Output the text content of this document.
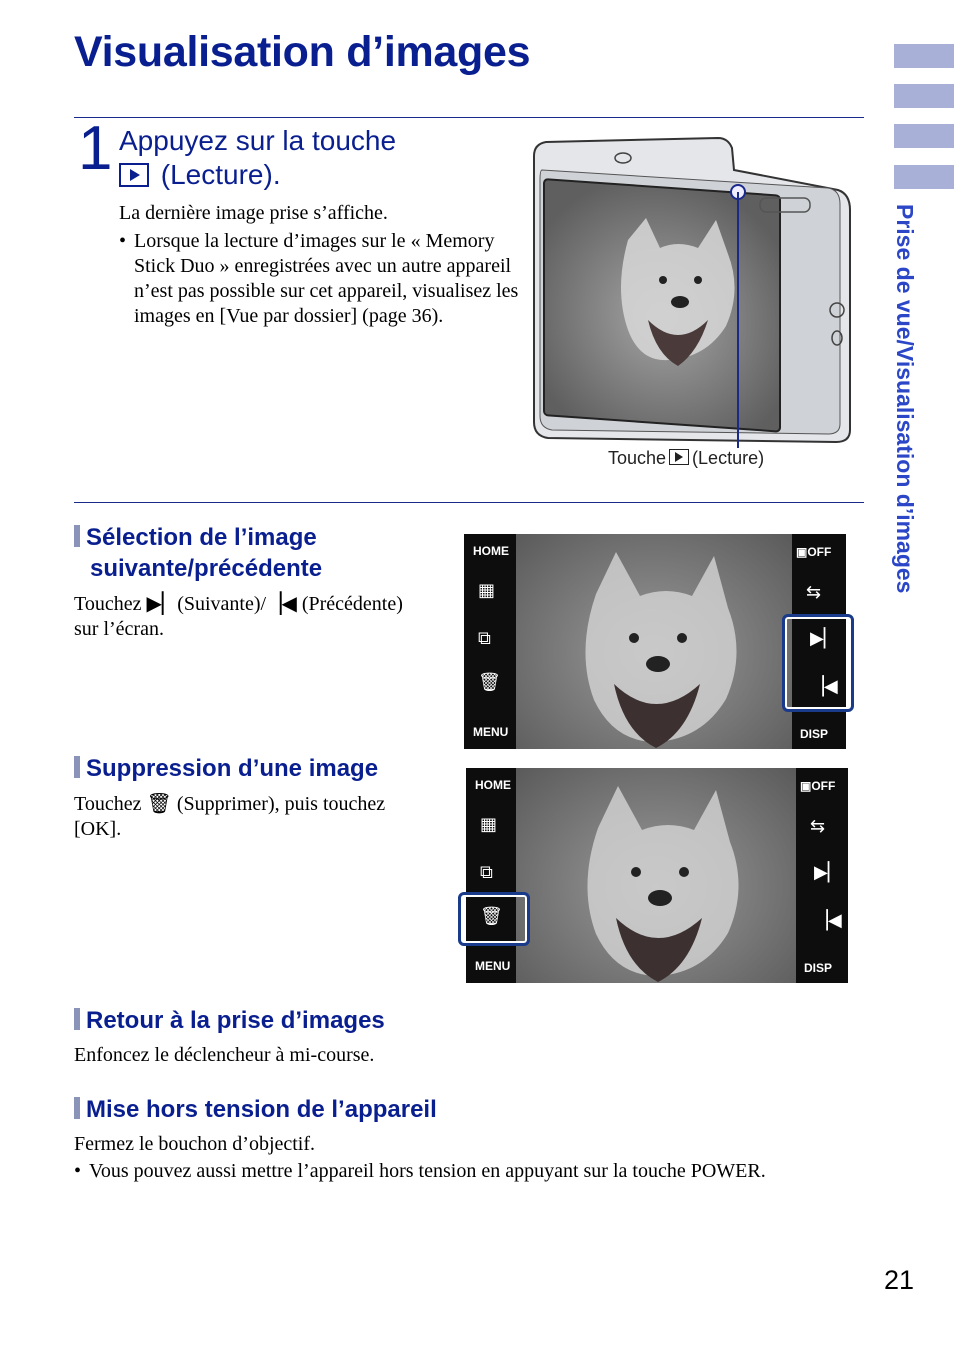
Visualisation d’images
Prise de vue/Visualisation d’images
1 Appuyez sur la touche
(Lecture).
La dernière image prise s’affiche.
• Lorsque la lecture d’images sur le « Memory Stick Duo » enregistrées avec un autre appareil n’est pas possible sur cet appareil, visualisez les images en [Vue par dossier] (page 36).
Touche (Lecture)
Sélection de l’image
suivante/précédente
Touchez ▶▏(Suivante)/▕◀ (Précédente)
sur l’écran.
HOME
▦
⧉
🗑
MENU
▣OFF
⇆
▶▏
▕◀
DISP
Suppression d’une image
Touchez 🗑 (Supprimer), puis touchez
[OK].
HOME
▦
⧉
🗑
MENU
▣OFF
⇆
▶▏
▕◀
DISP
Retour à la prise d’images
Enfoncez le déclencheur à mi-course.
Mise hors tension de l’appareil
Fermez le bouchon d’objectif.
• Vous pouvez aussi mettre l’appareil hors tension en appuyant sur la touche POWER.
21
